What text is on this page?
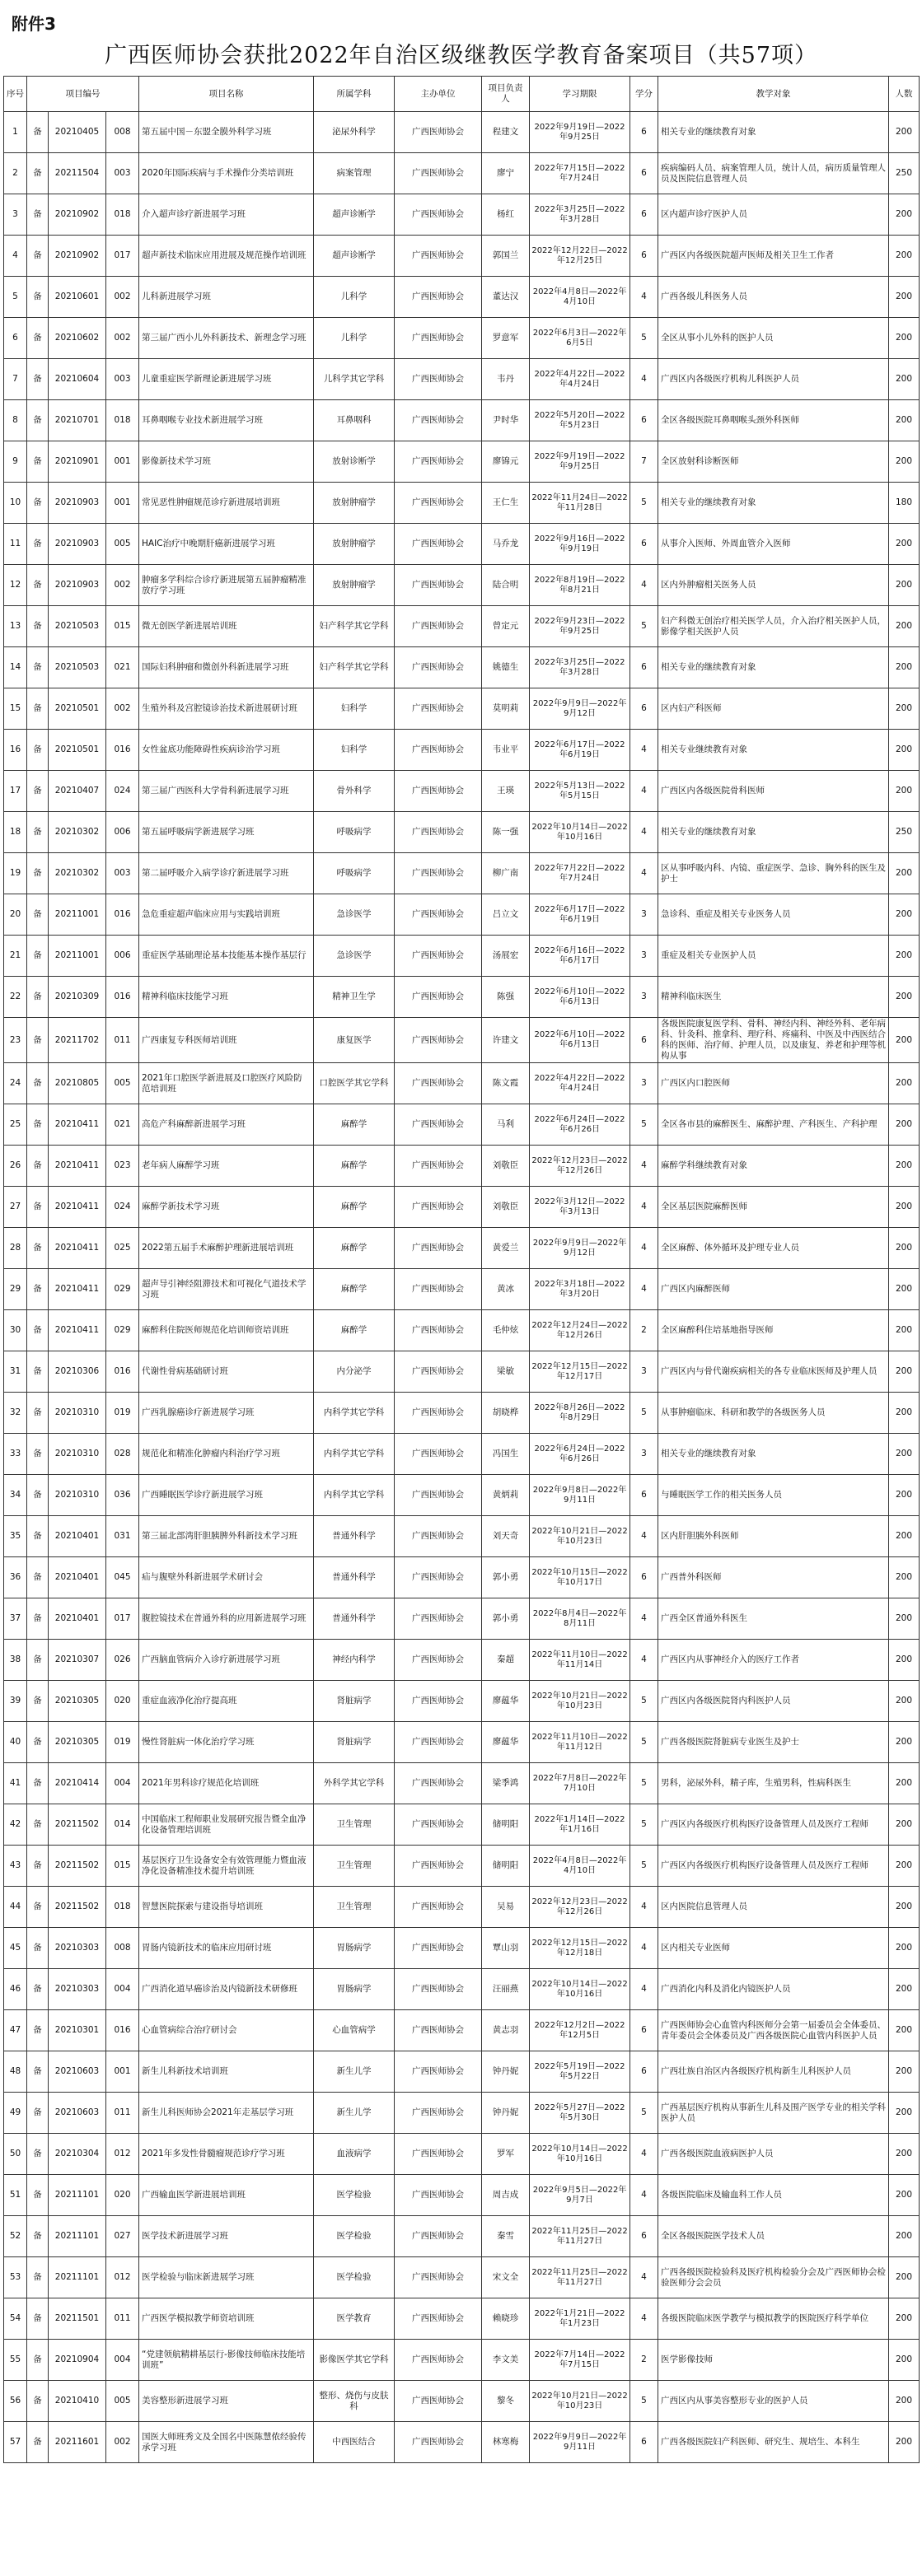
附件3
广西医师协会获批2022年自治区级继教医学教育备案项目（共57项）
序号	项目编号			项目名称	所属学科	主办单位	项目负责人	学习期限	学分	教学对象	人数
1	备	20210405	008	第五届中国－东盟全膜外科学习班	泌尿外科学	广西医师协会	程建文	2022年9月19日—2022年9月25日	6	相关专业的继续教育对象	200
2	备	20211504	003	2020年国际疾病与手术操作分类培训班	病案管理	广西医师协会	廖宁	2022年7月15日—2022年7月24日	6	疾病编码人员、病案管理人员，统计人员，病历质量管理人员及医院信息管理人员	250
3	备	20210902	018	介入超声诊疗新进展学习班	超声诊断学	广西医师协会	杨红	2022年3月25日—2022年3月28日	6	区内超声诊疗医护人员	200
4	备	20210902	017	超声新技术临床应用进展及规范操作培训班	超声诊断学	广西医师协会	郭国兰	2022年12月22日—2022年12月25日	6	广西区内各级医院超声医师及相关卫生工作者	200
5	备	20210601	002	儿科新进展学习班	儿科学	广西医师协会	董达汉	2022年4月8日—2022年4月10日	4	广西各级儿科医务人员	200
6	备	20210602	002	第三届广西小儿外科新技术、新理念学习班	儿科学	广西医师协会	罗意军	2022年6月3日—2022年6月5日	5	全区从事小儿外科的医护人员	200
7	备	20210604	003	儿童重症医学新理论新进展学习班	儿科学其它学科	广西医师协会	韦丹	2022年4月22日—2022年4月24日	4	广西区内各级医疗机构儿科医护人员	200
8	备	20210701	018	耳鼻咽喉专业技术新进展学习班	耳鼻咽科	广西医师协会	尹时华	2022年5月20日—2022年5月23日	6	全区各级医院耳鼻咽喉头颈外科医师	200
9	备	20210901	001	影像新技术学习班	放射诊断学	广西医师协会	廖锦元	2022年9月19日—2022年9月25日	7	全区放射科诊断医师	200
10	备	20210903	001	常见恶性肿瘤规范诊疗新进展培训班	放射肿瘤学	广西医师协会	王仁生	2022年11月24日—2022年11月28日	5	相关专业的继续教育对象	180
11	备	20210903	005	HAIC治疗中晚期肝癌新进展学习班	放射肿瘤学	广西医师协会	马乔龙	2022年9月16日—2022年9月19日	6	从事介入医师、外周血管介入医师	200
12	备	20210903	002	肿瘤多学科综合诊疗新进展第五届肿瘤精准放疗学习班	放射肿瘤学	广西医师协会	陆合明	2022年8月19日—2022年8月21日	4	区内外肿瘤相关医务人员	200
13	备	20210503	015	微无创医学新进展培训班	妇产科学其它学科	广西医师协会	曾定元	2022年9月23日—2022年9月25日	5	妇产科微无创治疗相关医学人员，介入治疗相关医护人员，影像学相关医护人员	200
14	备	20210503	021	国际妇科肿瘤和微创外科新进展学习班	妇产科学其它学科	广西医师协会	姚德生	2022年3月25日—2022年3月28日	6	相关专业的继续教育对象	200
15	备	20210501	002	生殖外科及宫腔镜诊治技术新进展研讨班	妇科学	广西医师协会	莫明莉	2022年9月9日—2022年9月12日	6	区内妇产科医师	200
16	备	20210501	016	女性盆底功能障碍性疾病诊治学习班	妇科学	广西医师协会	韦业平	2022年6月17日—2022年6月19日	4	相关专业继续教育对象	200
17	备	20210407	024	第三届广西医科大学骨科新进展学习班	骨外科学	广西医师协会	王瑛	2022年5月13日—2022年5月15日	4	广西区内各级医院骨科医师	200
18	备	20210302	006	第五届呼吸病学新进展学习班	呼吸病学	广西医师协会	陈一强	2022年10月14日—2022年10月16日	4	相关专业的继续教育对象	250
19	备	20210302	003	第二届呼吸介入病学诊疗新进展学习班	呼吸病学	广西医师协会	柳广南	2022年7月22日—2022年7月24日	4	区从事呼吸内科、内镜、重症医学、急诊、胸外科的医生及护士	200
20	备	20211001	016	急危重症超声临床应用与实践培训班	急诊医学	广西医师协会	吕立文	2022年6月17日—2022年6月19日	3	急诊科、重症及相关专业医务人员	200
21	备	20211001	006	重症医学基础理论基本技能基本操作基层行	急诊医学	广西医师协会	汤展宏	2022年6月16日—2022年6月17日	3	重症及相关专业医护人员	200
22	备	20210309	016	精神科临床技能学习班	精神卫生学	广西医师协会	陈强	2022年6月10日—2022年6月13日	3	精神科临床医生	200
23	备	20211702	011	广西康复专科医师培训班	康复医学	广西医师协会	许建文	2022年6月10日—2022年6月13日	6	各级医院康复医学科、骨科、神经内科、神经外科、老年病科、针灸科、推拿科、理疗科、疼痛科、中医及中西医结合科的医师、治疗师、护理人员，以及康复、养老和护理等机构从事	200
24	备	20210805	005	2021年口腔医学新进展及口腔医疗风险防范培训班	口腔医学其它学科	广西医师协会	陈文霞	2022年4月22日—2022年4月24日	3	广西区内口腔医师	200
25	备	20210411	021	高危产科麻醉新进展学习班	麻醉学	广西医师协会	马利	2022年6月24日—2022年6月26日	5	全区各市县的麻醉医生、麻醉护理、产科医生、产科护理	200
26	备	20210411	023	老年病人麻醉学习班	麻醉学	广西医师协会	刘敬臣	2022年12月23日—2022年12月26日	4	麻醉学科继续教育对象	200
27	备	20210411	024	麻醉学新技术学习班	麻醉学	广西医师协会	刘敬臣	2022年3月12日—2022年3月13日	4	全区基层医院麻醉医师	200
28	备	20210411	025	2022第五届手术麻醉护理新进展培训班	麻醉学	广西医师协会	黄爱兰	2022年9月9日—2022年9月12日	4	全区麻醉、体外循环及护理专业人员	200
29	备	20210411	029	超声导引神经阻滞技术和可视化气道技术学习班	麻醉学	广西医师协会	黄冰	2022年3月18日—2022年3月20日	4	广西区内麻醉医师	200
30	备	20210411	029	麻醉科住院医师规范化培训师资培训班	麻醉学	广西医师协会	毛仲炫	2022年12月24日—2022年12月26日	2	全区麻醉科住培基地指导医师	200
31	备	20210306	016	代谢性骨病基础研讨班	内分泌学	广西医师协会	梁敏	2022年12月15日—2022年12月17日	3	广西区内与骨代谢疾病相关的各专业临床医师及护理人员	200
32	备	20210310	019	广西乳腺癌诊疗新进展学习班	内科学其它学科	广西医师协会	胡晓桦	2022年8月26日—2022年8月29日	5	从事肿瘤临床、科研和教学的各级医务人员	200
33	备	20210310	028	规范化和精准化肿瘤内科治疗学习班	内科学其它学科	广西医师协会	冯国生	2022年6月24日—2022年6月26日	3	相关专业的继续教育对象	200
34	备	20210310	036	广西睡眠医学诊疗新进展学习班	内科学其它学科	广西医师协会	黄炳莉	2022年9月8日—2022年9月11日	6	与睡眠医学工作的相关医务人员	200
35	备	20210401	031	第三届北部湾肝胆胰脾外科新技术学习班	普通外科学	广西医师协会	刘天奇	2022年10月21日—2022年10月23日	4	区内肝胆胰外科医师	200
36	备	20210401	045	疝与腹壁外科新进展学术研讨会	普通外科学	广西医师协会	郭小勇	2022年10月15日—2022年10月17日	6	广西普外科医师	200
37	备	20210401	017	腹腔镜技术在普通外科的应用新进展学习班	普通外科学	广西医师协会	郭小勇	2022年8月4日—2022年8月11日	4	广西全区普通外科医生	200
38	备	20210307	026	广西脑血管病介入诊疗新进展学习班	神经内科学	广西医师协会	秦超	2022年11月10日—2022年11月14日	4	广西区内从事神经介入的医疗工作者	200
39	备	20210305	020	重症血液净化治疗提高班	肾脏病学	广西医师协会	廖蕴华	2022年10月21日—2022年10月23日	5	广西区内各级医院肾内科医护人员	200
40	备	20210305	019	慢性肾脏病一体化治疗学习班	肾脏病学	广西医师协会	廖蕴华	2022年11月10日—2022年11月12日	5	广西各级医院肾脏病专业医生及护士	200
41	备	20210414	004	2021年男科诊疗规范化培训班	外科学其它学科	广西医师协会	梁季鸿	2022年7月8日—2022年7月10日	5	男科，泌尿外科，精子库，生殖男科，性病科医生	200
42	备	20211502	014	中国临床工程师职业发展研究报告暨全血净化设备管理培训班	卫生管理	广西医师协会	储明阳	2022年1月14日—2022年1月16日	5	广西区内各级医疗机构医疗设备管理人员及医疗工程师	200
43	备	20211502	015	基层医疗卫生设备安全有效管理能力暨血液净化设备精准技术提升培训班	卫生管理	广西医师协会	储明阳	2022年4月8日—2022年4月10日	5	广西区内各级医疗机构医疗设备管理人员及医疗工程师	200
44	备	20211502	018	智慧医院探索与建设指导培训班	卫生管理	广西医师协会	吴易	2022年12月23日—2022年12月26日	4	区内医院信息管理人员	200
45	备	20210303	008	胃肠内镜新技术的临床应用研讨班	胃肠病学	广西医师协会	覃山羽	2022年12月15日—2022年12月18日	4	区内相关专业医师	200
46	备	20210303	004	广西消化道早癌诊治及内镜新技术研修班	胃肠病学	广西医师协会	汪丽燕	2022年10月14日—2022年10月16日	4	广西消化内科及消化内镜医护人员	200
47	备	20210301	016	心血管病综合治疗研讨会	心血管病学	广西医师协会	黄志羽	2022年12月2日—2022年12月5日	6	广西医师协会心血管内科医师分会第一届委员会全体委员、青年委员会全体委员及广西各级医院心血管内科医护人员	200
48	备	20210603	001	新生儿科新技术培训班	新生儿学	广西医师协会	钟丹妮	2022年5月19日—2022年5月22日	6	广西壮族自治区内各级医疗机构新生儿科医护人员	200
49	备	20210603	011	新生儿科医师协会2021年走基层学习班	新生儿学	广西医师协会	钟丹妮	2022年5月27日—2022年5月30日	5	广西基层医疗机构从事新生儿科及围产医学专业的相关学科医护人员	200
50	备	20210304	012	2021年多发性骨髓瘤规范诊疗学习班	血液病学	广西医师协会	罗军	2022年10月14日—2022年10月16日	4	广西各级医院血液病医护人员	200
51	备	20211101	020	广西输血医学新进展培训班	医学检验	广西医师协会	周吉成	2022年9月5日—2022年9月7日	4	各级医院临床及输血科工作人员	200
52	备	20211101	027	医学技术新进展学习班	医学检验	广西医师协会	秦雪	2022年11月25日—2022年11月27日	6	全区各级医院医学技术人员	200
53	备	20211101	012	医学检验与临床新进展学习班	医学检验	广西医师协会	宋文全	2022年11月25日—2022年11月27日	4	广西各级医院检验科及医疗机构检验分会及广西医师协会检验医师分会会员	200
54	备	20211501	011	广西医学模拟教学师资培训班	医学教育	广西医师协会	赖晓珍	2022年1月21日—2022年1月23日	4	各级医院临床医学教学与模拟教学的医院医疗科学单位	200
55	备	20210904	004	“党建领航精耕基层行-影像技师临床技能培训班”	影像医学其它学科	广西医师协会	李文美	2022年7月14日—2022年7月15日	2	医学影像技师	200
56	备	20210410	005	美容整形新进展学习班	整形、烧伤与皮肤科	广西医师协会	黎冬	2022年10月21日—2022年10月23日	5	广西区内从事美容整形专业的医护人员	200
57	备	20211601	002	国医大师班秀文及全国名中医陈慧侬经验传承学习班	中西医结合	广西医师协会	林寒梅	2022年9月9日—2022年9月11日	6	广西各级医院妇产科医师、研究生、规培生、本科生	200
